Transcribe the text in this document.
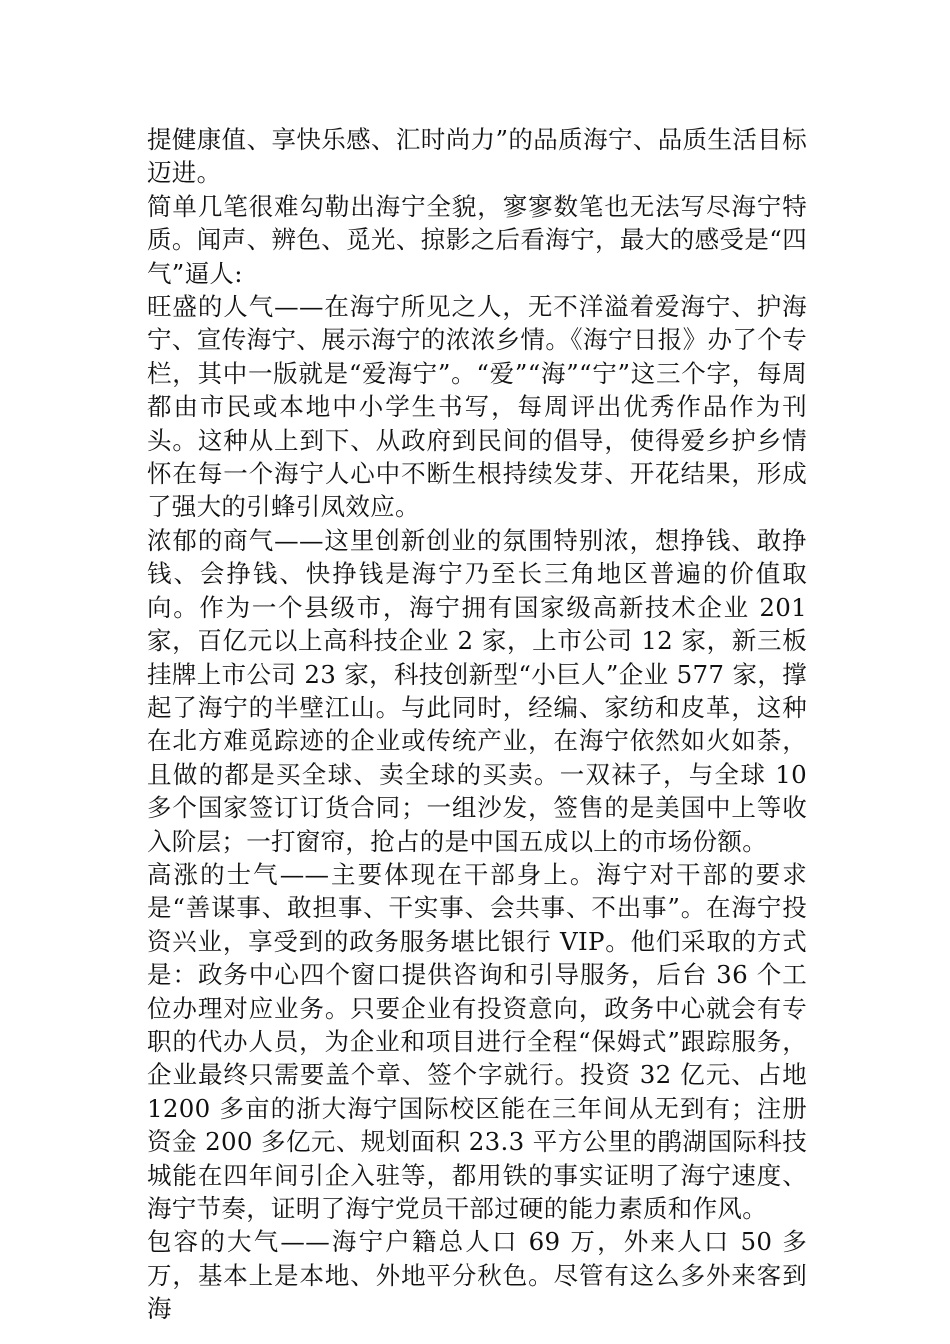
提健康值、享快乐感、汇时尚力”的品质海宁、品质生活目标迈进。

简单几笔很难勾勒出海宁全貌，寥寥数笔也无法写尽海宁特质。闻声、辨色、觅光、掠影之后看海宁，最大的感受是“四气”逼人:

旺盛的人气——在海宁所见之人，无不洋溢着爱海宁、护海宁、宣传海宁、展示海宁的浓浓乡情。《海宁日报》办了个专栏，其中一版就是“爱海宁”。“爱”“海”“宁”这三个字，每周都由市民或本地中小学生书写，每周评出优秀作品作为刊头。这种从上到下、从政府到民间的倡导，使得爱乡护乡情怀在每一个海宁人心中不断生根持续发芽、开花结果，形成了强大的引蜂引凤效应。

浓郁的商气——这里创新创业的氛围特别浓，想挣钱、敢挣钱、会挣钱、快挣钱是海宁乃至长三角地区普遍的价值取向。作为一个县级市，海宁拥有国家级高新技术企业 201 家，百亿元以上高科技企业 2 家，上市公司 12 家，新三板挂牌上市公司 23 家，科技创新型“小巨人”企业 577 家，撑起了海宁的半壁江山。与此同时，经编、家纺和皮革，这种在北方难觅踪迹的企业或传统产业，在海宁依然如火如荼，且做的都是买全球、卖全球的买卖。一双袜子，与全球 10 多个国家签订订货合同；一组沙发，签售的是美国中上等收入阶层；一打窗帘，抢占的是中国五成以上的市场份额。

高涨的士气——主要体现在干部身上。海宁对干部的要求是“善谋事、敢担事、干实事、会共事、不出事”。在海宁投资兴业，享受到的政务服务堪比银行 VIP。他们采取的方式是：政务中心四个窗口提供咨询和引导服务，后台 36 个工位办理对应业务。只要企业有投资意向，政务中心就会有专职的代办人员，为企业和项目进行全程“保姆式”跟踪服务，企业最终只需要盖个章、签个字就行。投资 32 亿元、占地 1200 多亩的浙大海宁国际校区能在三年间从无到有；注册资金 200 多亿元、规划面积 23.3 平方公里的鹃湖国际科技城能在四年间引企入驻等，都用铁的事实证明了海宁速度、海宁节奏，证明了海宁党员干部过硬的能力素质和作风。

包容的大气——海宁户籍总人口 69 万，外来人口 50 多万，基本上是本地、外地平分秋色。尽管有这么多外来客到海
